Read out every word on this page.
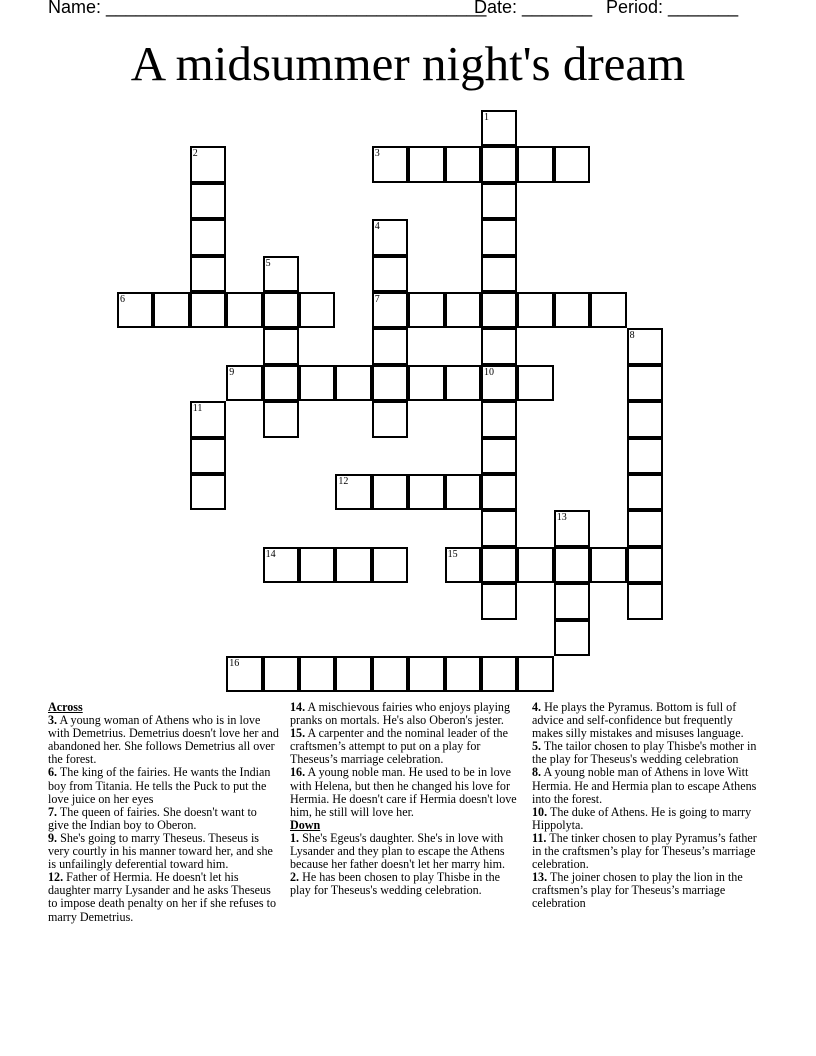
Name: ______________________________________
Date: _______ Period: _______
A midsummer night's dream
1
10
2	3
4
7
5
6
8
9
11
12
13
14	15
16

Across

3. A young woman of Athens who is in love with Demetrius. Demetrius doesn't love her and abandoned her. She follows Demetrius all over the forest.

6. The king of the fairies. He wants the Indian boy from Titania. He tells the Puck to put the love juice on her eyes

7. The queen of fairies. She doesn't want to give the Indian boy to Oberon.

9. She's going to marry Theseus. Theseus is very courtly in his manner toward her, and she is unfailingly deferential toward him.

12. Father of Hermia. He doesn't let his daughter marry Lysander and he asks Theseus to impose death penalty on her if she refuses to marry Demetrius.

14. A mischievous fairies who enjoys playing pranks on mortals. He's also Oberon's jester.

15. A carpenter and the nominal leader of the craftsmen’s attempt to put on a play for Theseus’s marriage celebration.

16. A young noble man. He used to be in love with Helena, but then he changed his love for Hermia. He doesn't care if Hermia doesn't love him, he still will love her.

Down

1. She's Egeus's daughter. She's in love with Lysander and they plan to escape the Athens because her father doesn't let her marry him.

2. He has been chosen to play Thisbe in the play for Theseus's wedding celebration.

4. He plays the Pyramus. Bottom is full of advice and self-confidence but frequently makes silly mistakes and misuses language.

5. The tailor chosen to play Thisbe's mother in the play for Theseus's wedding celebration

8. A young noble man of Athens in love Witt Hermia. He and Hermia plan to escape Athens into the forest.

10. The duke of Athens. He is going to marry Hippolyta.

11. The tinker chosen to play Pyramus’s father in the craftsmen’s play for Theseus’s marriage celebration.

13. The joiner chosen to play the lion in the craftsmen’s play for Theseus’s marriage celebration
